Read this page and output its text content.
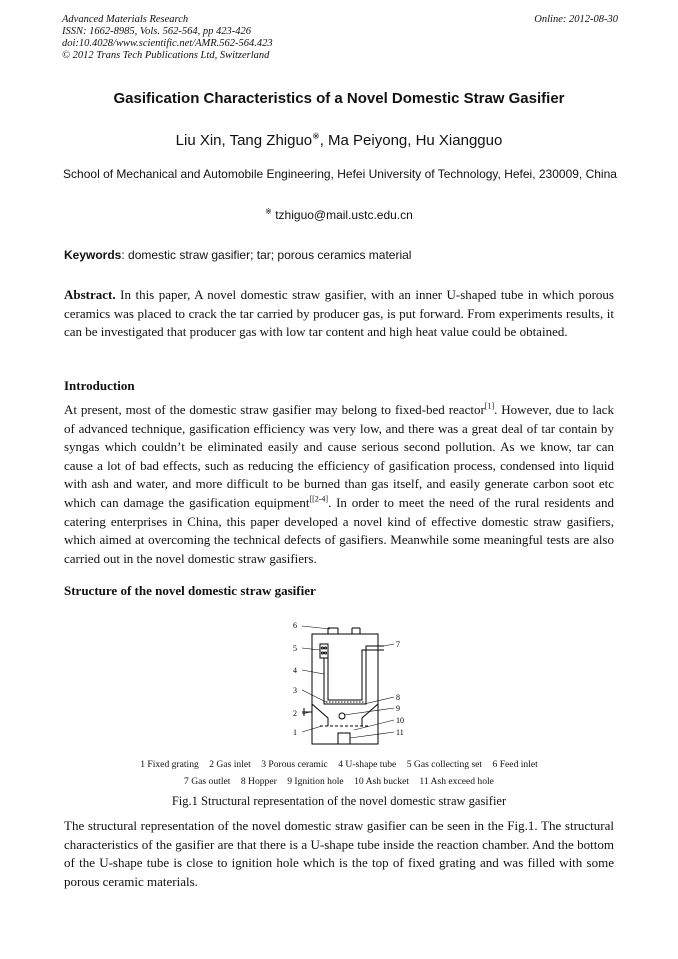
Advanced Materials Research
ISSN: 1662-8985, Vols. 562-564, pp 423-426
doi:10.4028/www.scientific.net/AMR.562-564.423
© 2012 Trans Tech Publications Ltd, Switzerland
Online: 2012-08-30
Gasification Characteristics of a Novel Domestic Straw Gasifier
Liu Xin, Tang Zhiguo※, Ma Peiyong, Hu Xiangguo
School of Mechanical and Automobile Engineering, Hefei University of Technology, Hefei, 230009, China
※ tzhiguo@mail.ustc.edu.cn
Keywords: domestic straw gasifier; tar; porous ceramics material
Abstract. In this paper, A novel domestic straw gasifier, with an inner U-shaped tube in which porous ceramics was placed to crack the tar carried by producer gas, is put forward. From experiments results, it can be investigated that producer gas with low tar content and high heat value could be obtained.
Introduction
At present, most of the domestic straw gasifier may belong to fixed-bed reactor[1]. However, due to lack of advanced technique, gasification efficiency was very low, and there was a great deal of tar contain by syngas which couldn’t be eliminated easily and cause serious second pollution. As we know, tar can cause a lot of bad effects, such as reducing the efficiency of gasification process, condensed into liquid with ash and water, and more difficult to be burned than gas itself, and easily generate carbon soot etc which can damage the gasification equipment[[2-4]. In order to meet the need of the rural residents and catering enterprises in China, this paper developed a novel kind of effective domestic straw gasifiers, which aimed at overcoming the technical defects of gasifiers. Meanwhile some meaningful tests are also carried out in the novel domestic straw gasifiers.
Structure of the novel domestic straw gasifier
6
5
4
3
2
1
7
8
9
10
11
1 Fixed grating 2 Gas inlet 3 Porous ceramic 4 U-shape tube 5 Gas collecting set 6 Feed inlet
7 Gas outlet 8 Hopper 9 Ignition hole 10 Ash bucket 11 Ash exceed hole
Fig.1 Structural representation of the novel domestic straw gasifier
The structural representation of the novel domestic straw gasifier can be seen in the Fig.1. The structural characteristics of the gasifier are that there is a U-shape tube inside the reaction chamber. And the bottom of the U-shape tube is close to ignition hole which is the top of fixed grating and was filled with some porous ceramic materials.
